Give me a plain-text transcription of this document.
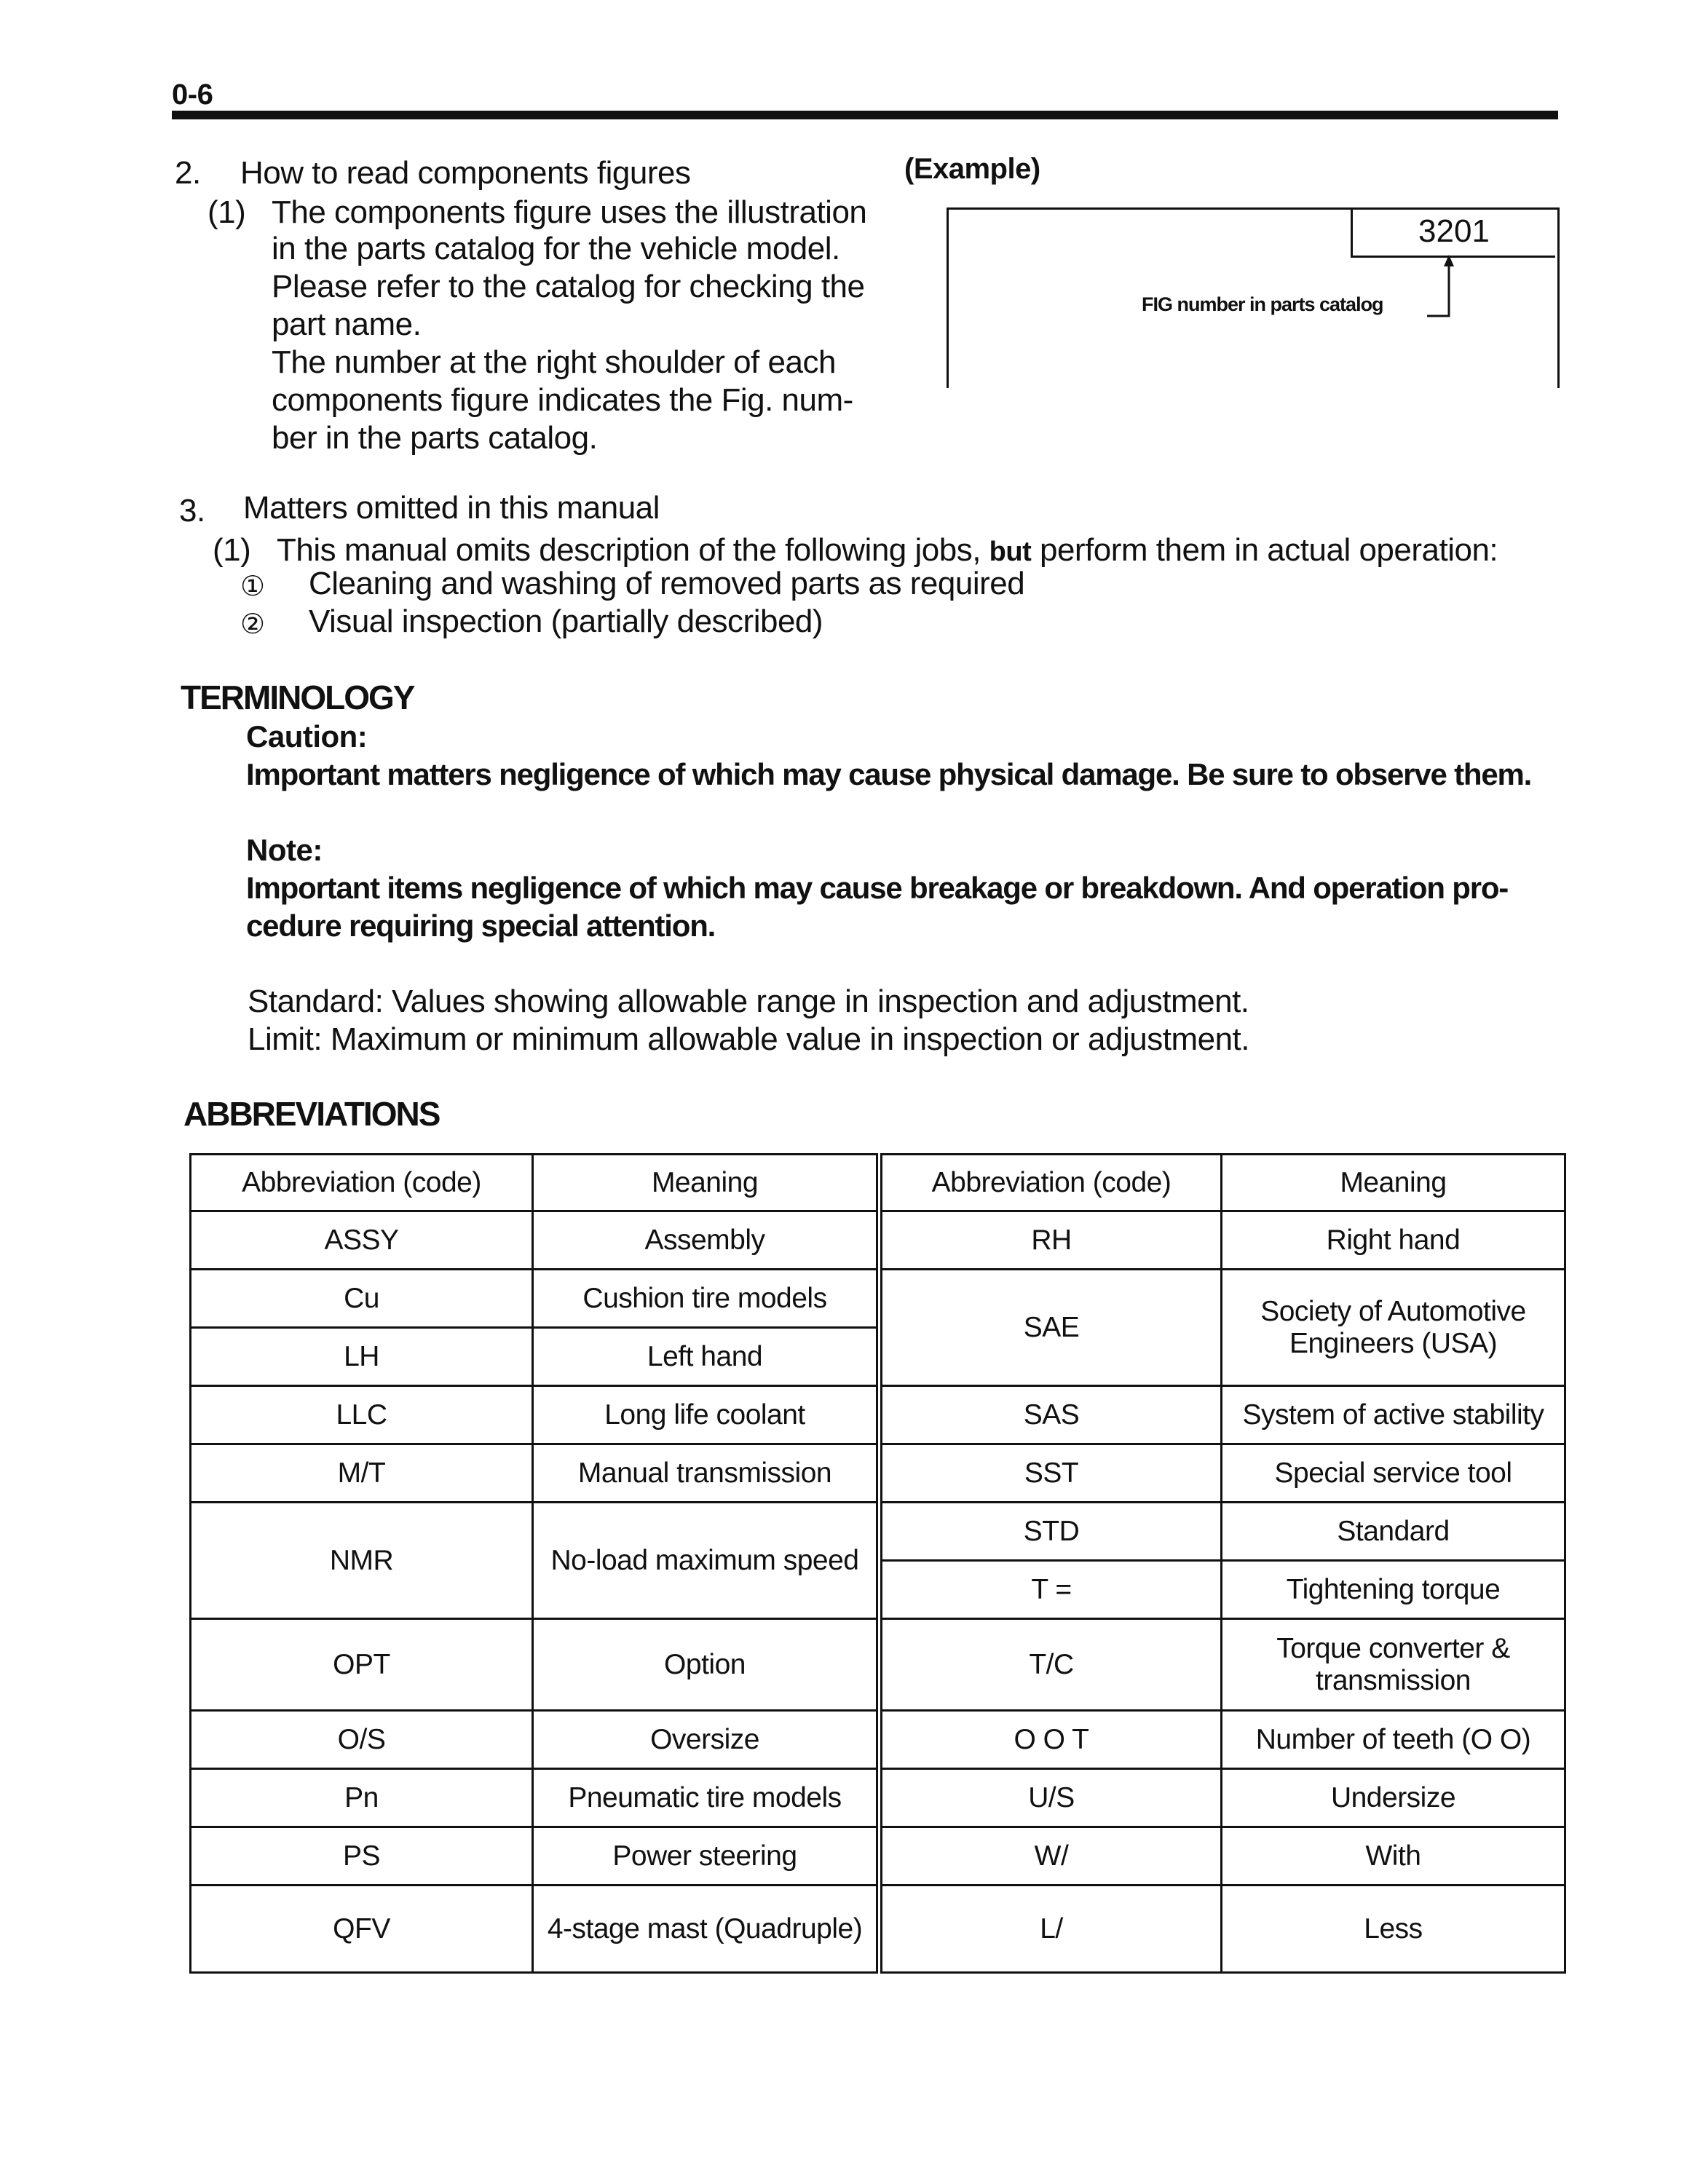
0-6
2. How to read components figures
(1) The components figure uses the illustration
in the parts catalog for the vehicle model.
Please refer to the catalog for checking the
part name.
The number at the right shoulder of each
components figure indicates the Fig. num-
ber in the parts catalog.
(Example)
3201
FIG number in parts catalog
3. Matters omitted in this manual
(1) This manual omits description of the following jobs, but perform them in actual operation:
① Cleaning and washing of removed parts as required
② Visual inspection (partially described)
TERMINOLOGY
Caution:
Important matters negligence of which may cause physical damage. Be sure to observe them.
Note:
Important items negligence of which may cause breakage or breakdown. And operation pro-
cedure requiring special attention.
Standard: Values showing allowable range in inspection and adjustment.
Limit: Maximum or minimum allowable value in inspection or adjustment.
ABBREVIATIONS
Abbreviation (code)	Meaning	Abbreviation (code)	Meaning
ASSY	Assembly	RH	Right hand
Cu	Cushion tire models	SAE	Society of Automotive Engineers (USA)
LH	Left hand		
LLC	Long life coolant	SAS	System of active stability
M/T	Manual transmission	SST	Special service tool
NMR	No-load maximum speed	STD	Standard
		T =	Tightening torque
OPT	Option	T/C	Torque converter & transmission
O/S	Oversize	O O T	Number of teeth (O O)
Pn	Pneumatic tire models	U/S	Undersize
PS	Power steering	W/	With
QFV	4-stage mast (Quadruple)	L/	Less
